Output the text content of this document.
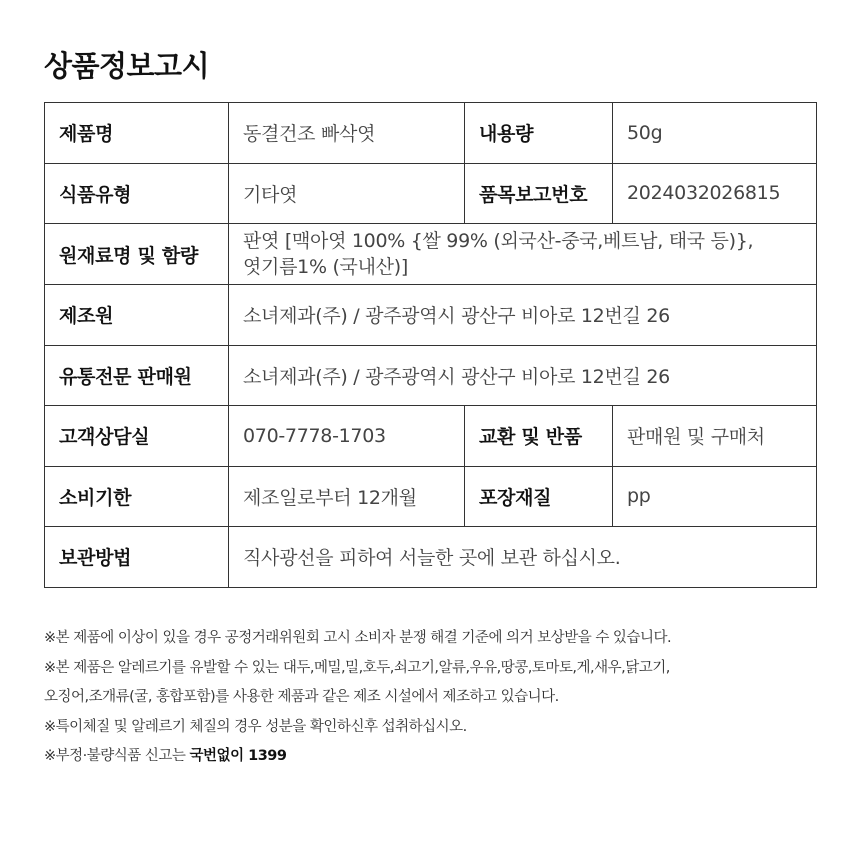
상품정보고시
제품명	동결건조 빠삭엿	내용량	50g
식품유형	기타엿	품목보고번호	2024032026815
원재료명 및 함량	판엿 [맥아엿 100% {쌀 99% (외국산-중국,베트남, 태국 등)},
엿기름1% (국내산)]		

제조원	소녀제과(주) / 광주광역시 광산구 비아로 12번길 26		
유통전문 판매원	소녀제과(주) / 광주광역시 광산구 비아로 12번길 26		
고객상담실	070-7778-1703	교환 및 반품	판매원 및 구매처
소비기한	제조일로부터 12개월	포장재질	pp
보관방법	직사광선을 피하여 서늘한 곳에 보관 하십시오.		
※본 제품에 이상이 있을 경우 공정거래위원회 고시 소비자 분쟁 해결 기준에 의거 보상받을 수 있습니다.
※본 제품은 알레르기를 유발할 수 있는 대두,메밀,밀,호두,쇠고기,알류,우유,땅콩,토마토,게,새우,닭고기,
오징어,조개류(굴, 홍합포함)를 사용한 제품과 같은 제조 시설에서 제조하고 있습니다.
※특이체질 및 알레르기 체질의 경우 성분을 확인하신후 섭취하십시오.
※부정·불량식품 신고는 국번없이 1399
